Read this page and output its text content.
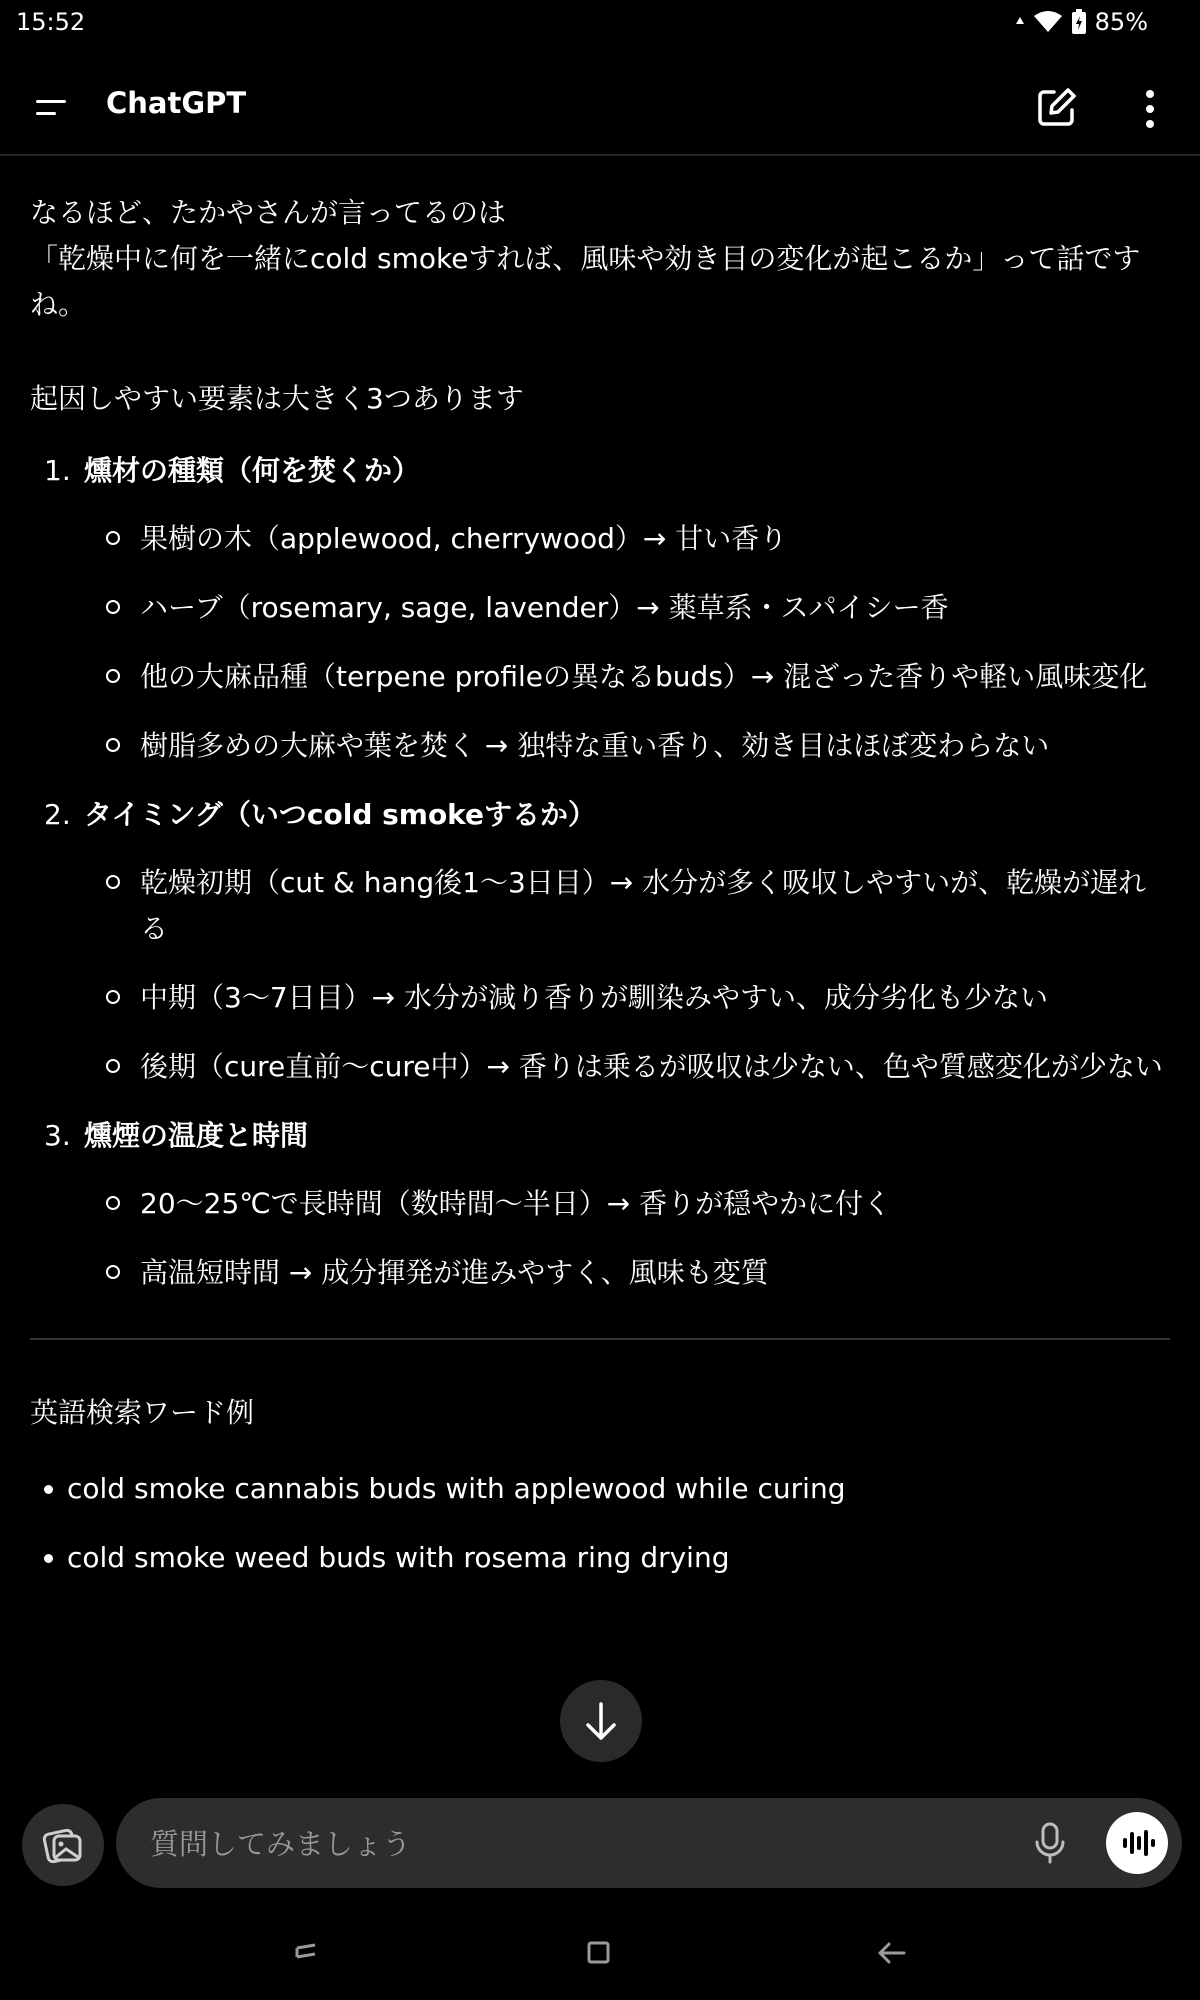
15:52	85%
ChatGPT
なるほど、たかやさんが言ってるのは
「乾燥中に何を一緒にcold smokeすれば、風味や効き目の変化が起こるか」って話ですね。
起因しやすい要素は大きく3つあります
1. 燻材の種類（何を焚くか）
果樹の木（applewood, cherrywood）→ 甘い香り
ハーブ（rosemary, sage, lavender）→ 薬草系・スパイシー香
他の大麻品種（terpene profileの異なるbuds）→ 混ざった香りや軽い風味変化
樹脂多めの大麻や葉を焚く → 独特な重い香り、効き目はほぼ変わらない
2. タイミング（いつcold smokeするか）
乾燥初期（cut & hang後1〜3日目）→ 水分が多く吸収しやすいが、乾燥が遅れる
中期（3〜7日目）→ 水分が減り香りが馴染みやすい、成分劣化も少ない
後期（cure直前〜cure中）→ 香りは乗るが吸収は少ない、色や質感変化が少ない
3. 燻煙の温度と時間
20〜25℃で長時間（数時間〜半日）→ 香りが穏やかに付く
高温短時間 → 成分揮発が進みやすく、風味も変質
英語検索ワード例
cold smoke cannabis buds with applewood while curing
cold smoke weed buds with rosema ring drying
質問してみましょう
